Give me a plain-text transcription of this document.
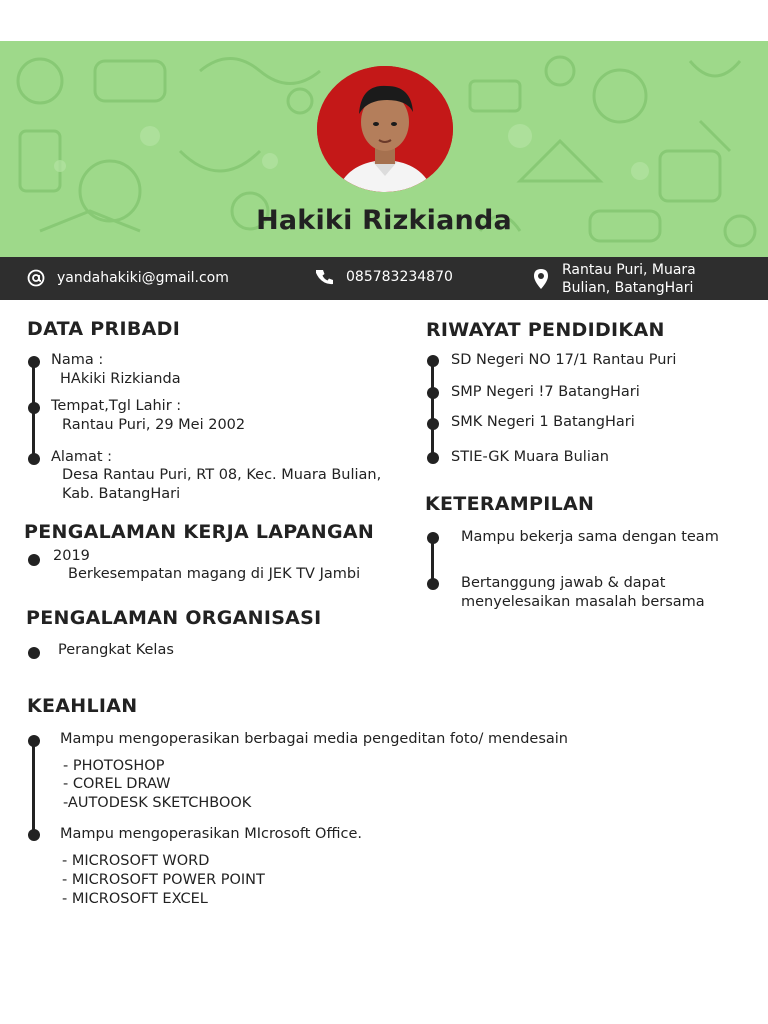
Hakiki Rizkianda
yandahakiki@gmail.com	085783234870	Rantau Puri, Muara
Bulian, BatangHari
DATA PRIBADI
Nama :
HAkiki Rizkianda
Tempat,Tgl Lahir :
Rantau Puri, 29 Mei 2002
Alamat :
Desa Rantau Puri, RT 08, Kec. Muara Bulian,
Kab. BatangHari
PENGALAMAN KERJA LAPANGAN
2019
Berkesempatan magang di JEK TV Jambi
PENGALAMAN ORGANISASI
Perangkat Kelas
KEAHLIAN
Mampu mengoperasikan berbagai media pengeditan foto/ mendesain
- PHOTOSHOP
- COREL DRAW
-AUTODESK SKETCHBOOK
Mampu mengoperasikan MIcrosoft Office.
- MICROSOFT WORD
- MICROSOFT POWER POINT
- MICROSOFT EXCEL
RIWAYAT PENDIDIKAN
SD Negeri NO 17/1 Rantau Puri
SMP Negeri !7 BatangHari
SMK Negeri 1 BatangHari
STIE-GK Muara Bulian
KETERAMPILAN
Mampu bekerja sama dengan team
Bertanggung jawab & dapat
menyelesaikan masalah bersama
